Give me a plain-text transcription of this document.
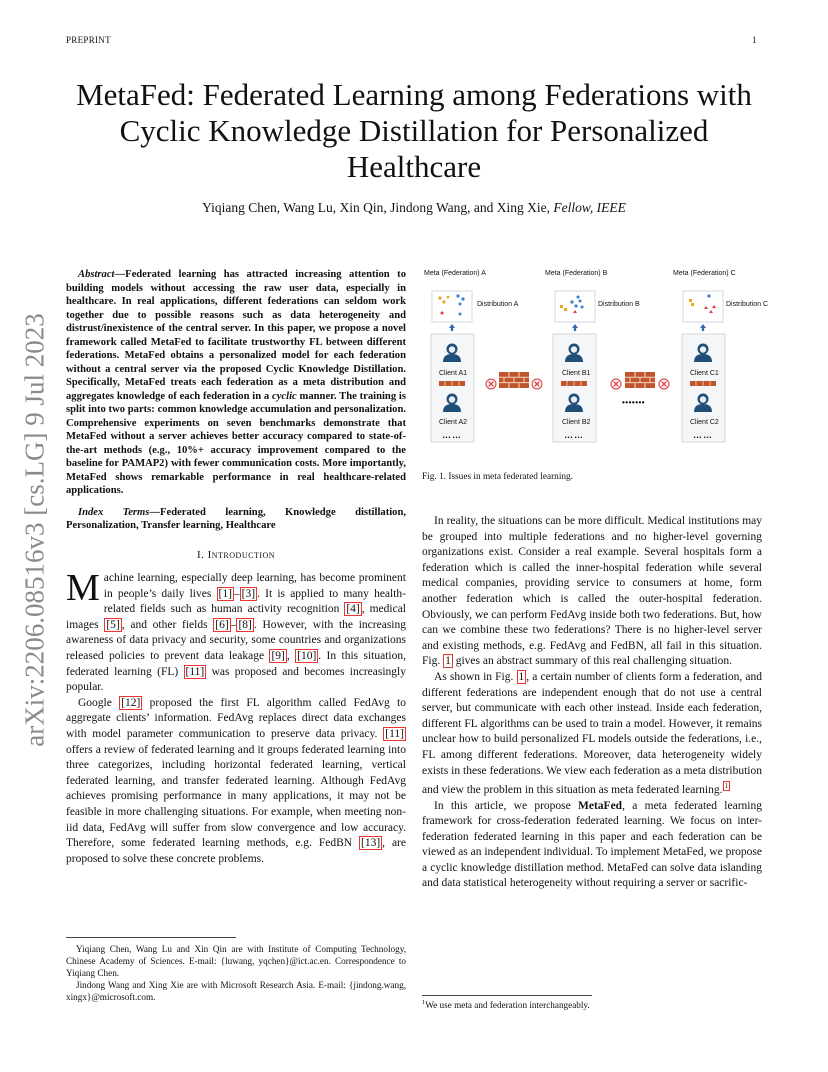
PREPRINT	1
arXiv:2206.08516v3 [cs.LG] 9 Jul 2023
MetaFed: Federated Learning among Federations with Cyclic Knowledge Distillation for Personalized Healthcare
Yiqiang Chen, Wang Lu, Xin Qin, Jindong Wang, and Xing Xie, Fellow, IEEE

Abstract—Federated learning has attracted increasing attention to building models without accessing the raw user data, especially in healthcare. In real applications, different federations can seldom work together due to possible reasons such as data heterogeneity and distrust/inexistence of the central server. In this paper, we propose a novel framework called MetaFed to facilitate trustworthy FL between different federations. MetaFed obtains a personalized model for each federation without a central server via the proposed Cyclic Knowledge Distillation. Specifically, MetaFed treats each federation as a meta distribution and aggregates knowledge of each federation in a cyclic manner. The training is split into two parts: common knowledge accumulation and personalization. Comprehensive experiments on seven benchmarks demonstrate that MetaFed without a server achieves better accuracy compared to state-of-the-art methods (e.g., 10%+ accuracy improvement compared to the baseline for PAMAP2) with fewer communication costs. More importantly, MetaFed shows remarkable performance in real healthcare-related applications.

Index Terms—Federated learning, Knowledge distillation, Personalization, Transfer learning, Healthcare

I. Introduction

Machine learning, especially deep learning, has become prominent in people’s daily lives [1] – [3] . It is applied to many health-related fields such as human activity recognition [4] , medical images [5] , and other fields [6] – [8] . However, with the increasing awareness of data privacy and security, some countries and organizations released policies to prevent data leakage [9] , [10] . In this situation, federated learning (FL) [11] was proposed and becomes increasingly popular.

Google [12] proposed the first FL algorithm called FedAvg to aggregate clients’ information. FedAvg replaces direct data exchanges with model parameter communication to preserve data privacy. [11] offers a review of federated learning and it groups federated learning into three categorizes, including horizontal federated learning, vertical federated learning, and transfer federated learning. Although FedAvg achieves promising performance in many applications, it may not be feasible in more challenging situations. For example, when meeting non-iid data, FedAvg will suffer from slow convergence and low accuracy. Therefore, some federated learning methods, e.g. FedBN [13] , are proposed to solve these concrete problems.

Yiqiang Chen, Wang Lu and Xin Qin are with Institute of Computing Technology, Chinese Academy of Sciences. E-mail: {luwang, yqchen}@ict.ac.en. Correspondence to Yiqiang Chen.

Jindong Wang and Xing Xie are with Microsoft Research Asia. E-mail: {jindong.wang, xingx}@microsoft.com.

Meta (Federation) A	Meta (Federation) B	Meta (Federation) C
Distribution A	Distribution B	Distribution C
Client A1	Client B1	Client C1
Client A2	Client B2	Client C2
……	……	……
•••••••
Fig. 1. Issues in meta federated learning.

In reality, the situations can be more difficult. Medical institutions may be grouped into multiple federations and no higher-level governing organizations exist. Consider a real example. Several hospitals form a federation which is called the inner-hospital federation while several medical companies, providing service to consumers at home, form another federation which is called the outer-hospital federation. Obviously, we can perform FedAvg inside both two federations. But, how can we combine these two federations? There is no higher-level server and existing methods, e.g. FedAvg and FedBN, all fail in this situation. Fig. 1 gives an abstract summary of this real challenging situation.

As shown in Fig. 1 , a certain number of clients form a federation, and different federations are independent enough that do not use a central server, but communicate with each other instead. Inside each federation, different FL algorithms can be used to train a model. However, it remains unclear how to build personalized FL models outside the federations, i.e., FL among different federations. Moreover, data heterogeneity widely exists in these federations. We view each federation as a meta distribution and view the problem in this situation as meta federated learning. $^1$

In this article, we propose MetaFed, a meta federated learning framework for cross-federation federated learning. We focus on inter-federation federated learning in this paper and each federation can be viewed as an independent individual. To implement MetaFed, we propose a cyclic knowledge distillation method. MetaFed can solve data islanding and data statistical heterogeneity without requiring a server or sacrific-

$^1$We use meta and federation interchangeably.
